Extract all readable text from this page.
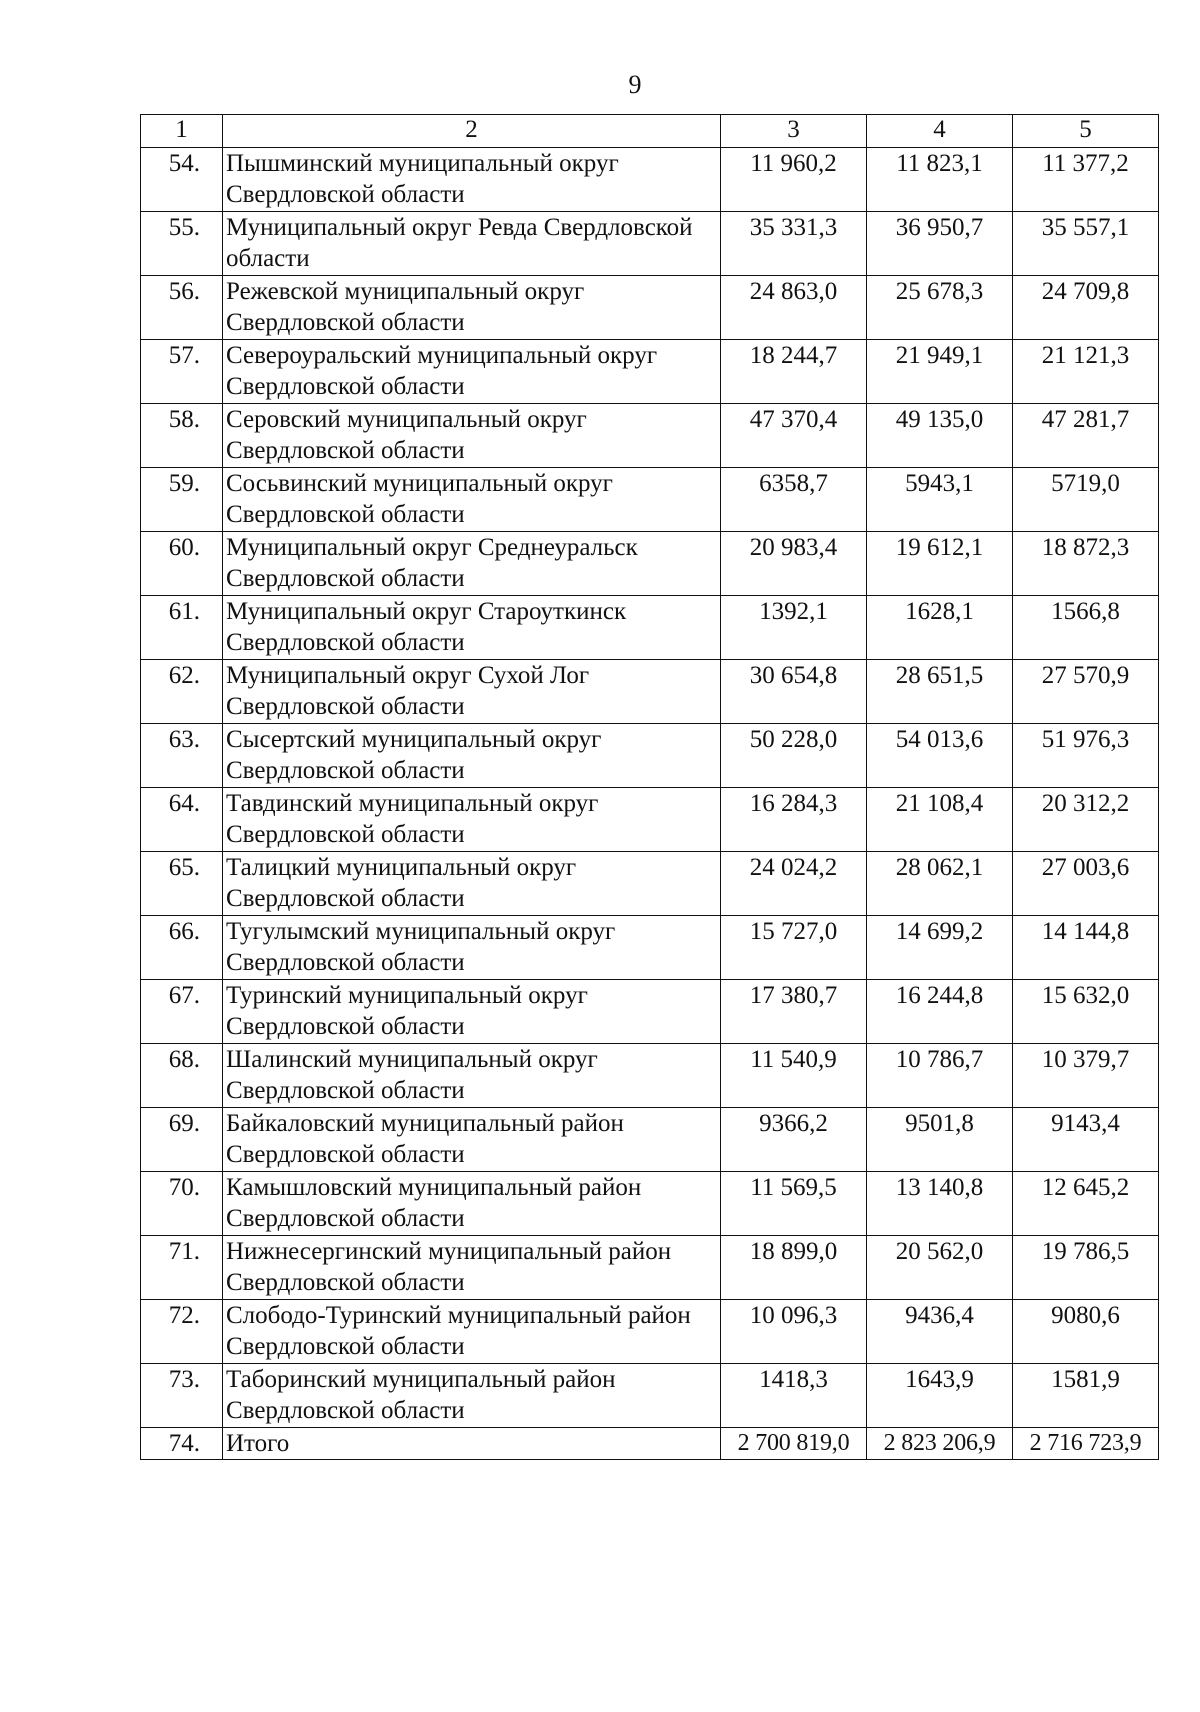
9
1	2	3	4	5
54.	Пышминский муниципальный округ Свердловской области	11 960,2	11 823,1	11 377,2
55.	Муниципальный округ Ревда Свердловской области	35 331,3	36 950,7	35 557,1
56.	Режевской муниципальный округ Свердловской области	24 863,0	25 678,3	24 709,8
57.	Североуральский муниципальный округ Свердловской области	18 244,7	21 949,1	21 121,3
58.	Серовский муниципальный округ Свердловской области	47 370,4	49 135,0	47 281,7
59.	Сосьвинский муниципальный округ Свердловской области	6358,7	5943,1	5719,0
60.	Муниципальный округ Среднеуральск Свердловской области	20 983,4	19 612,1	18 872,3
61.	Муниципальный округ Староуткинск Свердловской области	1392,1	1628,1	1566,8
62.	Муниципальный округ Сухой Лог Свердловской области	30 654,8	28 651,5	27 570,9
63.	Сысертский муниципальный округ Свердловской области	50 228,0	54 013,6	51 976,3
64.	Тавдинский муниципальный округ Свердловской области	16 284,3	21 108,4	20 312,2
65.	Талицкий муниципальный округ Свердловской области	24 024,2	28 062,1	27 003,6
66.	Тугулымский муниципальный округ Свердловской области	15 727,0	14 699,2	14 144,8
67.	Туринский муниципальный округ Свердловской области	17 380,7	16 244,8	15 632,0
68.	Шалинский муниципальный округ Свердловской области	11 540,9	10 786,7	10 379,7
69.	Байкаловский муниципальный район Свердловской области	9366,2	9501,8	9143,4
70.	Камышловский муниципальный район Свердловской области	11 569,5	13 140,8	12 645,2
71.	Нижнесергинский муниципальный район Свердловской области	18 899,0	20 562,0	19 786,5
72.	Слободо-Туринский муниципальный район Свердловской области	10 096,3	9436,4	9080,6
73.	Таборинский муниципальный район Свердловской области	1418,3	1643,9	1581,9
74.	Итого	2 700 819,0	2 823 206,9	2 716 723,9
